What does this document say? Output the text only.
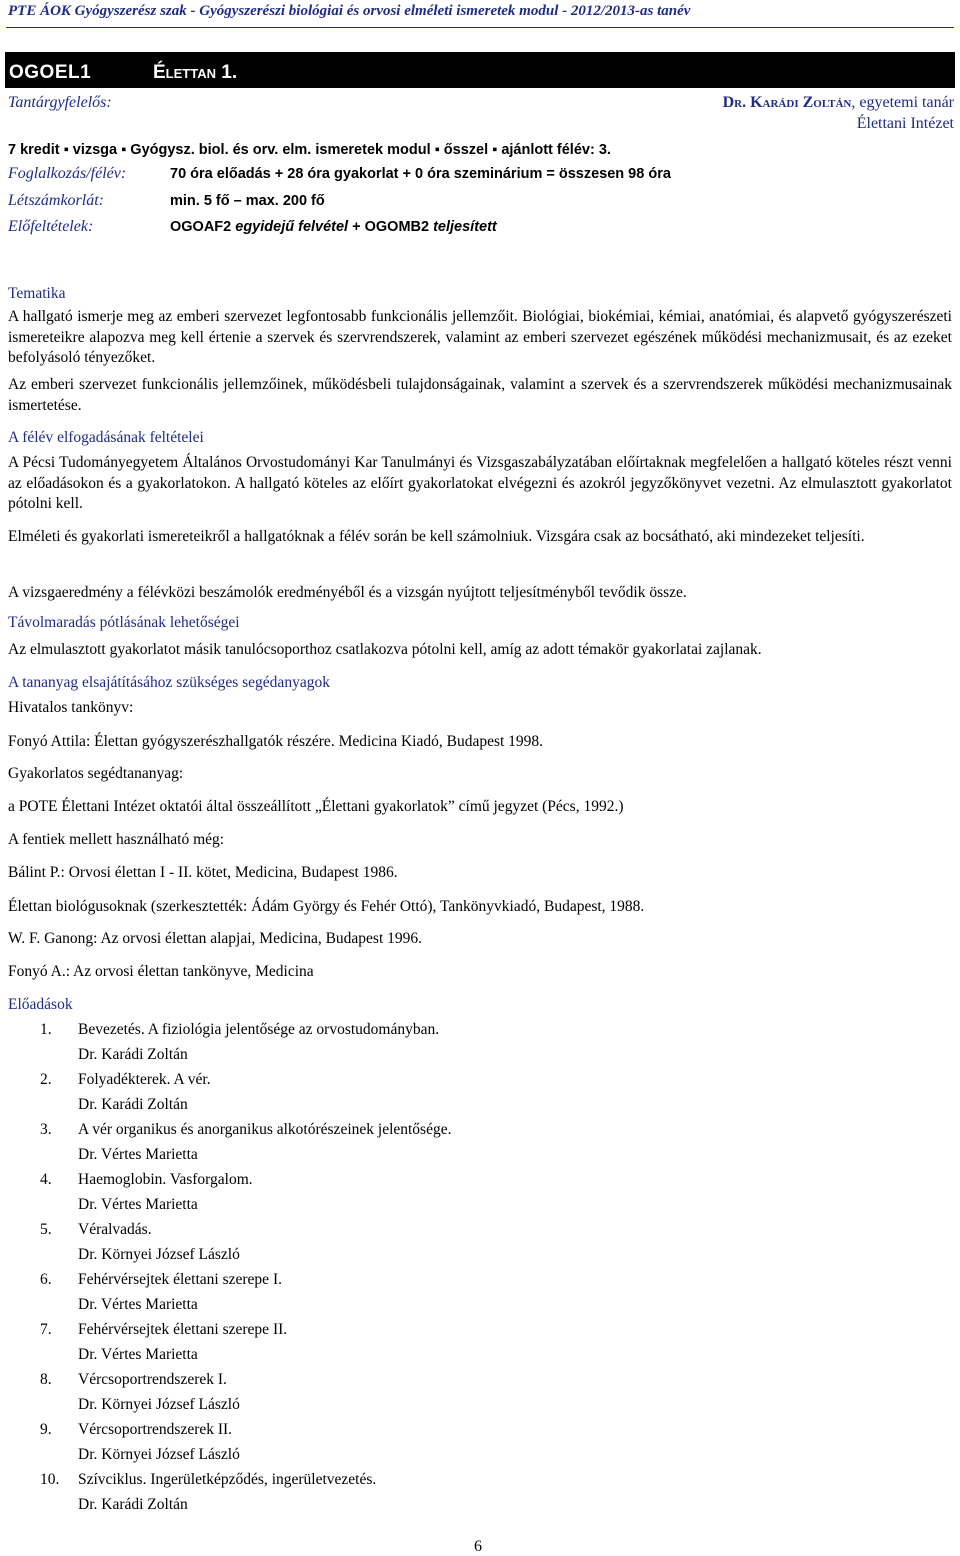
PTE ÁOK Gyógyszerész szak - Gyógyszerészi biológiai és orvosi elméleti ismeretek modul - 2012/2013-as tanév
OGOEL1	Élettan 1.
Tantárgyfelelős:	Dr. Karádi Zoltán, egyetemi tanár
Élettani Intézet
7 kredit ▪ vizsga ▪ Gyógysz. biol. és orv. elm. ismeretek modul ▪ ősszel ▪ ajánlott félév: 3.
Foglalkozás/félév:	70 óra előadás + 28 óra gyakorlat + 0 óra szeminárium = összesen 98 óra
Létszámkorlát:	min. 5 fő – max. 200 fő
Előfeltételek:	OGOAF2 egyidejű felvétel + OGOMB2 teljesített
Tematika
A hallgató ismerje meg az emberi szervezet legfontosabb funkcionális jellemzőit. Biológiai, biokémiai, kémiai, anatómiai, és alapvető gyógyszerészeti ismereteikre alapozva meg kell értenie a szervek és szervrendszerek, valamint az emberi szervezet egészének működési mechanizmusait, és az ezeket befolyásoló tényezőket.
Az emberi szervezet funkcionális jellemzőinek, működésbeli tulajdonságainak, valamint a szervek és a szervrendszerek működési mechanizmusainak ismertetése.
A félév elfogadásának feltételei
A Pécsi Tudományegyetem Általános Orvostudományi Kar Tanulmányi és Vizsgaszabályzatában előírtaknak megfelelően a hallgató köteles részt venni az előadásokon és a gyakorlatokon. A hallgató köteles az előírt gyakorlatokat elvégezni és azokról jegyzőkönyvet vezetni. Az elmulasztott gyakorlatot pótolni kell.
Elméleti és gyakorlati ismereteikről a hallgatóknak a félév során be kell számolniuk. Vizsgára csak az bocsátható, aki mindezeket teljesíti.
A vizsgaeredmény a félévközi beszámolók eredményéből és a vizsgán nyújtott teljesítményből tevődik össze.
Távolmaradás pótlásának lehetőségei
Az elmulasztott gyakorlatot másik tanulócsoporthoz csatlakozva pótolni kell, amíg az adott témakör gyakorlatai zajlanak.
A tananyag elsajátításához szükséges segédanyagok
Hivatalos tankönyv:
Fonyó Attila: Élettan gyógyszerészhallgatók részére. Medicina Kiadó, Budapest 1998.
Gyakorlatos segédtananyag:
a POTE Élettani Intézet oktatói által összeállított „Élettani gyakorlatok” című jegyzet (Pécs, 1992.)
A fentiek mellett használható még:
Bálint P.: Orvosi élettan I - II. kötet, Medicina, Budapest 1986.
Élettan biológusoknak (szerkesztették: Ádám György és Fehér Ottó), Tankönyvkiadó, Budapest, 1988.
W. F. Ganong: Az orvosi élettan alapjai, Medicina, Budapest 1996.
Fonyó A.: Az orvosi élettan tankönyve, Medicina
Előadások
1. Bevezetés. A fiziológia jelentősége az orvostudományban.
Dr. Karádi Zoltán
2. Folyadékterek. A vér.
Dr. Karádi Zoltán
3. A vér organikus és anorganikus alkotórészeinek jelentősége.
Dr. Vértes Marietta
4. Haemoglobin. Vasforgalom.
Dr. Vértes Marietta
5. Véralvadás.
Dr. Környei József László
6. Fehérvérsejtek élettani szerepe I.
Dr. Vértes Marietta
7. Fehérvérsejtek élettani szerepe II.
Dr. Vértes Marietta
8. Vércsoportrendszerek I.
Dr. Környei József László
9. Vércsoportrendszerek II.
Dr. Környei József László
10. Szívciklus. Ingerületképződés, ingerületvezetés.
Dr. Karádi Zoltán
6
